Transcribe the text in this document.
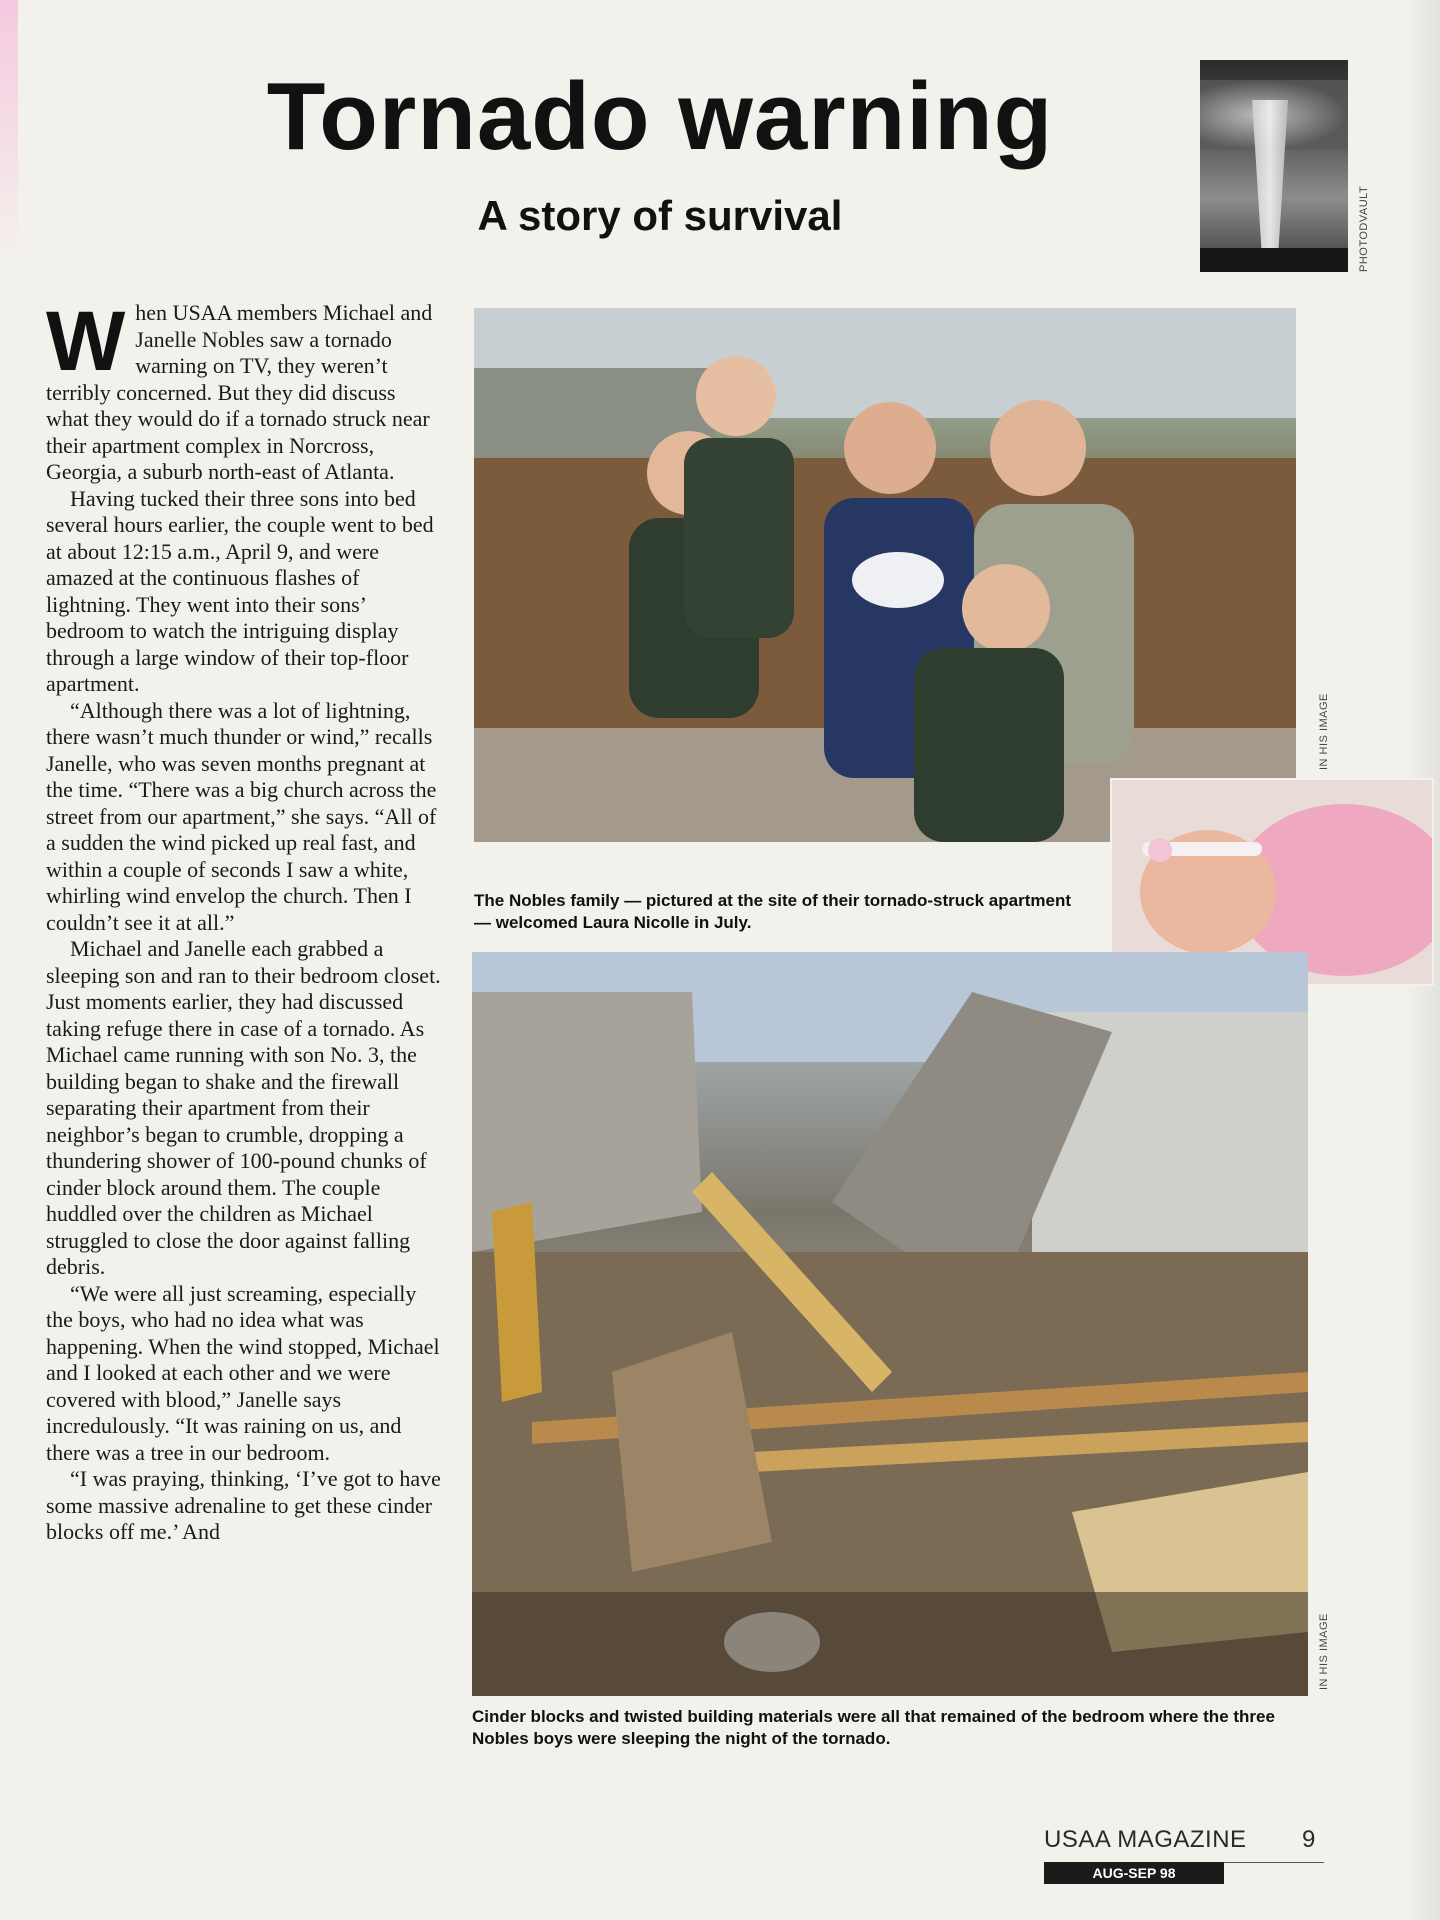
Tornado warning
A story of survival	PHOTODVAULT

When USAA members Michael and Janelle Nobles saw a tornado warning on TV, they weren’t terribly concerned. But they did discuss what they would do if a tornado struck near their apartment complex in Norcross, Georgia, a suburb north-east of Atlanta.

Having tucked their three sons into bed several hours earlier, the couple went to bed at about 12:15 a.m., April 9, and were amazed at the continuous flashes of lightning. They went into their sons’ bedroom to watch the intriguing display through a large window of their top-floor apartment.

“Although there was a lot of lightning, there wasn’t much thunder or wind,” recalls Janelle, who was seven months pregnant at the time. “There was a big church across the street from our apartment,” she says. “All of a sudden the wind picked up real fast, and within a couple of seconds I saw a white, whirling wind envelop the church. Then I couldn’t see it at all.”

Michael and Janelle each grabbed a sleeping son and ran to their bedroom closet. Just moments earlier, they had discussed taking refuge there in case of a tornado. As Michael came running with son No. 3, the building began to shake and the firewall separating their apartment from their neighbor’s began to crumble, dropping a thundering shower of 100-pound chunks of cinder block around them. The couple huddled over the children as Michael struggled to close the door against falling debris.

“We were all just screaming, especially the boys, who had no idea what was happening. When the wind stopped, Michael and I looked at each other and we were covered with blood,” Janelle says incredulously. “It was raining on us, and there was a tree in our bedroom.

“I was praying, thinking, ‘I’ve got to have some massive adrenaline to get these cinder blocks off me.’ And

IN HIS IMAGE

The Nobles family — pictured at the site of their tornado-struck apartment — welcomed Laura Nicolle in July.

IN HIS IMAGE

Cinder blocks and twisted building materials were all that remained of the bedroom where the three Nobles boys were sleeping the night of the tornado.

USAA MAGAZINE 9
AUG-SEP 98
